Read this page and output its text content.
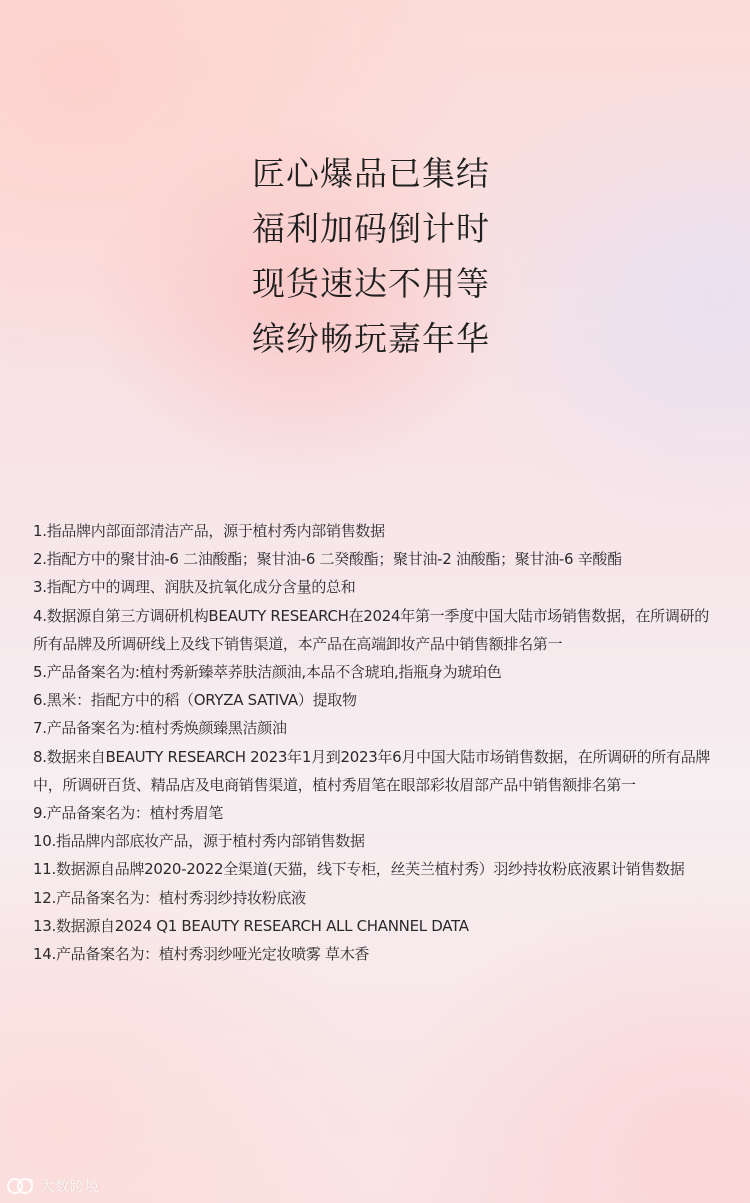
匠心爆品已集结
福利加码倒计时
现货速达不用等
缤纷畅玩嘉年华
1.指品牌内部面部清洁产品，源于植村秀内部销售数据
2.指配方中的聚甘油-6 二油酸酯；聚甘油-6 二癸酸酯；聚甘油-2 油酸酯；聚甘油-6 辛酸酯
3.指配方中的调理、润肤及抗氧化成分含量的总和
4.数据源自第三方调研机构BEAUTY RESEARCH在2024年第一季度中国大陆市场销售数据，在所调研的所有品牌及所调研线上及线下销售渠道，本产品在高端卸妆产品中销售额排名第一
5.产品备案名为:植村秀新臻萃荞肤洁颜油,本品不含琥珀,指瓶身为琥珀色
6.黑米：指配方中的稻（ORYZA SATIVA）提取物
7.产品备案名为:植村秀焕颜臻黑洁颜油
8.数据来自BEAUTY RESEARCH 2023年1月到2023年6月中国大陆市场销售数据，在所调研的所有品牌中，所调研百货、精品店及电商销售渠道，植村秀眉笔在眼部彩妆眉部产品中销售额排名第一
9.产品备案名为：植村秀眉笔
10.指品牌内部底妆产品，源于植村秀内部销售数据
11.数据源自品牌2020-2022全渠道(天猫，线下专柜，丝芙兰植村秀）羽纱持妆粉底液累计销售数据
12.产品备案名为：植村秀羽纱持妆粉底液
13.数据源自2024 Q1 BEAUTY RESEARCH ALL CHANNEL DATA
14.产品备案名为：植村秀羽纱哑光定妆喷雾 草木香
大数跨境
